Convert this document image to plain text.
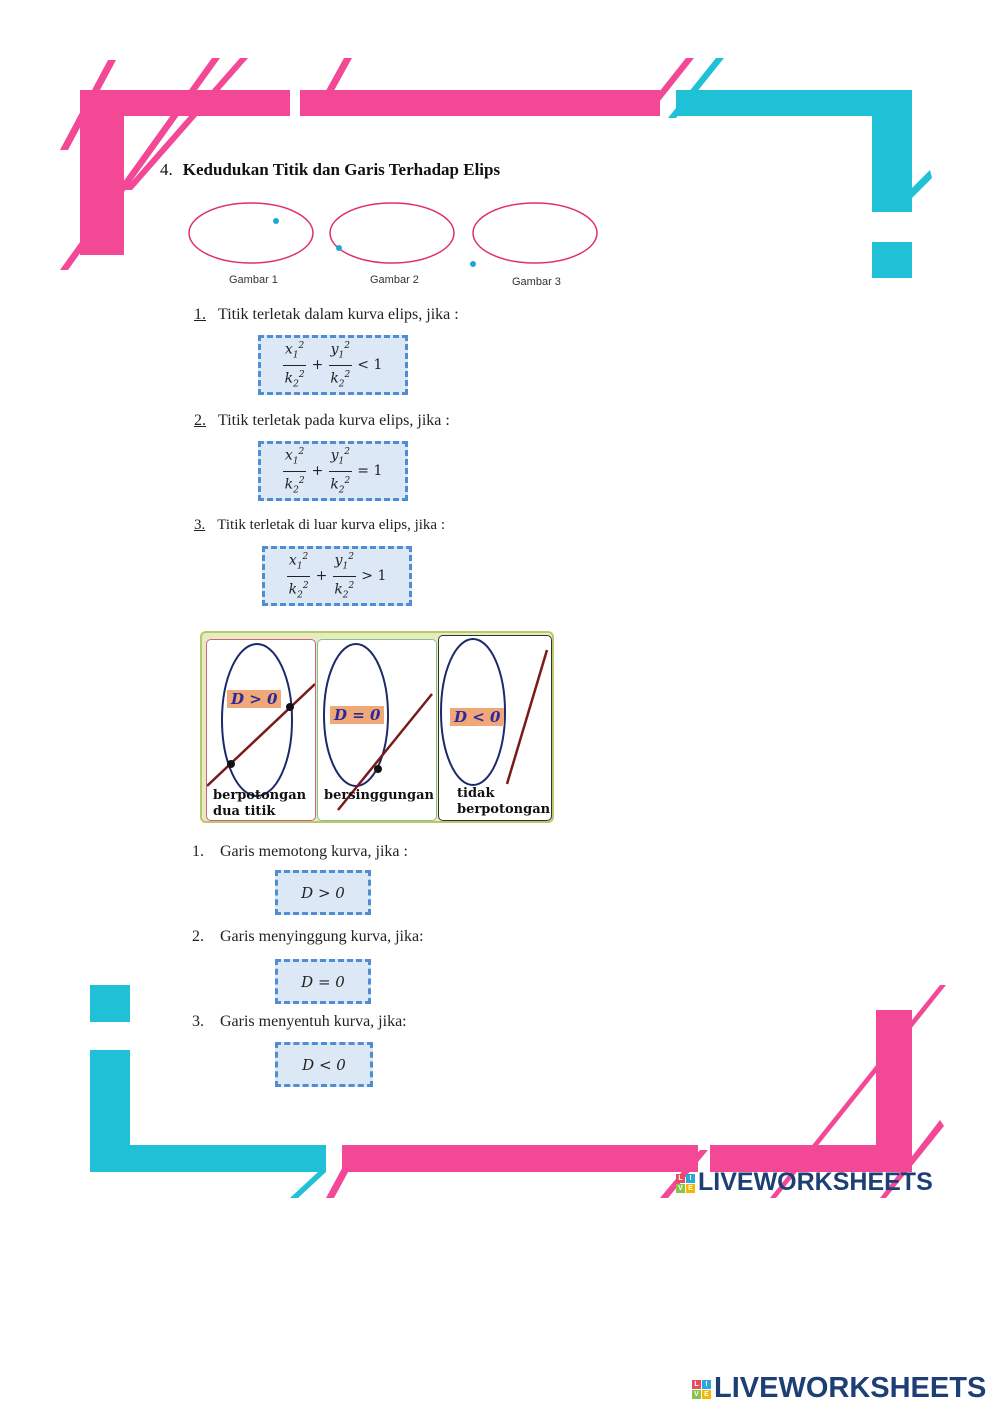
4. Kedudukan Titik dan Garis Terhadap Elips
Gambar 1	Gambar 2	Gambar 3
1. Titik terletak dalam kurva elips, jika :
$\frac{x_1^2}{k_2^2} + \frac{y_1^2}{k_2^2} < 1$
2. Titik terletak pada kurva elips, jika :
$\frac{x_1^2}{k_2^2} + \frac{y_1^2}{k_2^2} = 1$
3. Titik terletak di luar kurva elips, jika :
$\frac{x_1^2}{k_2^2} + \frac{y_1^2}{k_2^2} > 1$
D > 0
berpotongan
dua titik
D = 0
bersinggungan
D < 0
tidak
berpotongan
1. Garis memotong kurva, jika :
D > 0
2. Garis menyinggung kurva, jika:
D = 0
3. Garis menyentuh kurva, jika:
D < 0
L I
V E LIVEWORKSHEETS
L I
V E LIVEWORKSHEETS
